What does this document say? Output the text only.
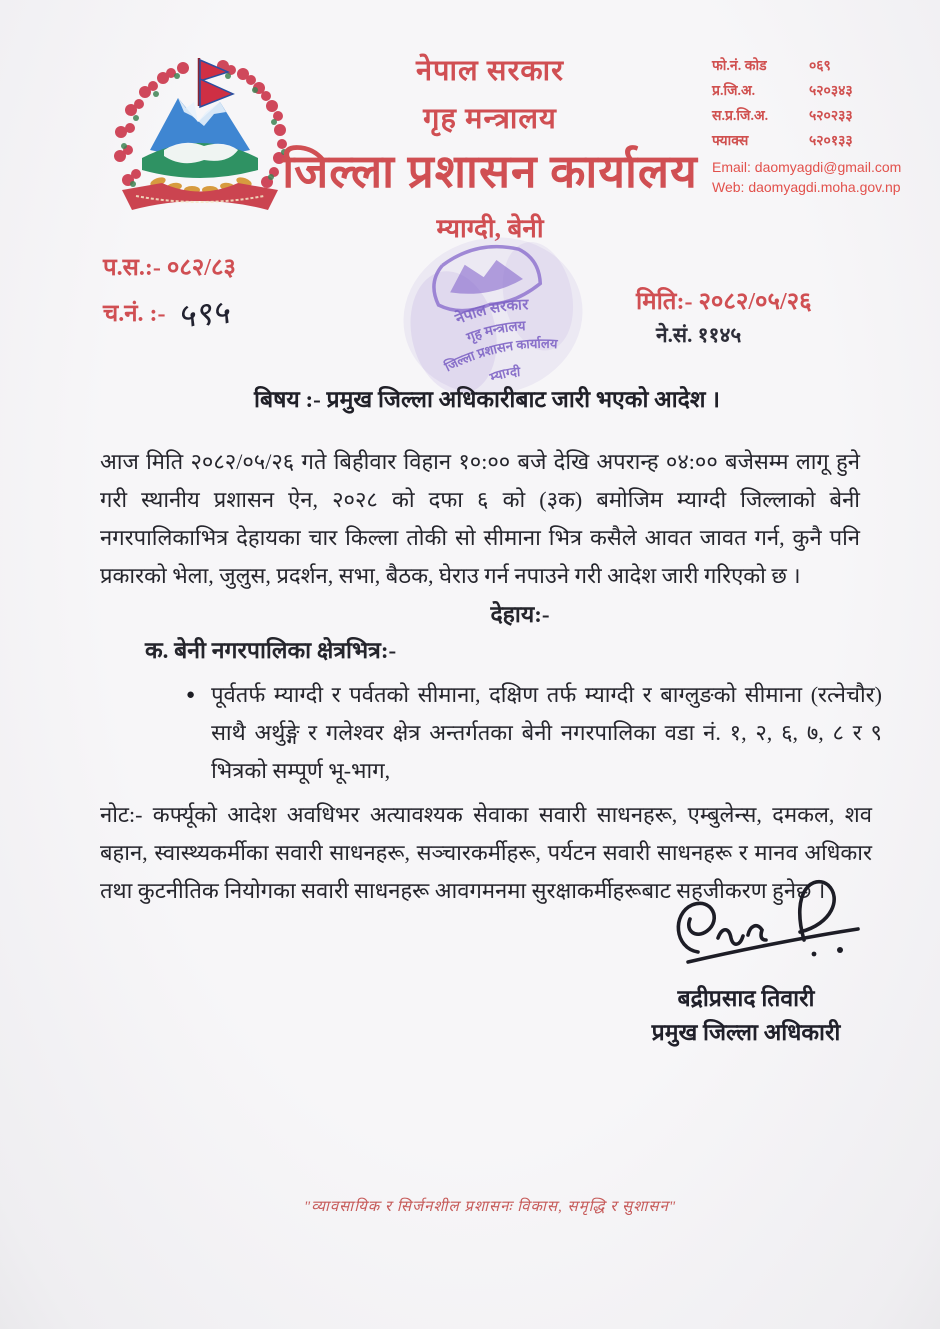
नेपाल सरकार
गृह मन्त्रालय
जिल्ला प्रशासन कार्यालय
म्याग्दी, बेनी
फो.नं. कोड	०६९
प्र.जि.अ.	५२०३४३
स.प्र.जि.अ.	५२०२३३
फ्याक्स	५२०१३३
Email: daomyagdi@gmail.com
Web: daomyagdi.moha.gov.np
प.स.:- ०८२/८३
च.नं. :- ५९५	मिति:- २०८२/०५/२६
ने.सं. ११४५
नेपाल सरकार
गृह मन्त्रालय
जिल्ला प्रशासन कार्यालय
म्याग्दी
बिषय :- प्रमुख जिल्ला अधिकारीबाट जारी भएको आदेश ।
आज मिति २०८२/०५/२६ गते बिहीवार विहान १०:०० बजे देखि अपरान्ह ०४:०० बजेसम्म लागू हुने गरी स्थानीय प्रशासन ऐन, २०२८ को दफा ६ को (३क) बमोजिम म्याग्दी जिल्लाको बेनी नगरपालिकाभित्र देहायका चार किल्ला तोकी सो सीमाना भित्र कसैले आवत जावत गर्न, कुनै पनि प्रकारको भेला, जुलुस, प्रदर्शन, सभा, बैठक, घेराउ गर्न नपाउने गरी आदेश जारी गरिएको छ ।
देहाय:-
क. बेनी नगरपालिका क्षेत्रभित्र:-
● पूर्वतर्फ म्याग्दी र पर्वतको सीमाना, दक्षिण तर्फ म्याग्दी र बाग्लुङको सीमाना (रत्नेचौर) साथै अर्थुङ्गे र गलेश्वर क्षेत्र अन्तर्गतका बेनी नगरपालिका वडा नं. १, २, ६, ७, ८ र ९ भित्रको सम्पूर्ण भू-भाग,
नोट:- कर्फ्यूको आदेश अवधिभर अत्यावश्यक सेवाका सवारी साधनहरू, एम्बुलेन्स, दमकल, शव बहान, स्वास्थ्यकर्मीका सवारी साधनहरू, सञ्चारकर्मीहरू, पर्यटन सवारी साधनहरू र मानव अधिकार तथा कुटनीतिक नियोगका सवारी साधनहरू आवगमनमा सुरक्षाकर्मीहरूबाट सहजीकरण हुनेछ ।
बद्रीप्रसाद तिवारी
प्रमुख जिल्ला अधिकारी
"व्यावसायिक र सिर्जनशील प्रशासनः विकास, समृद्धि र सुशासन"
